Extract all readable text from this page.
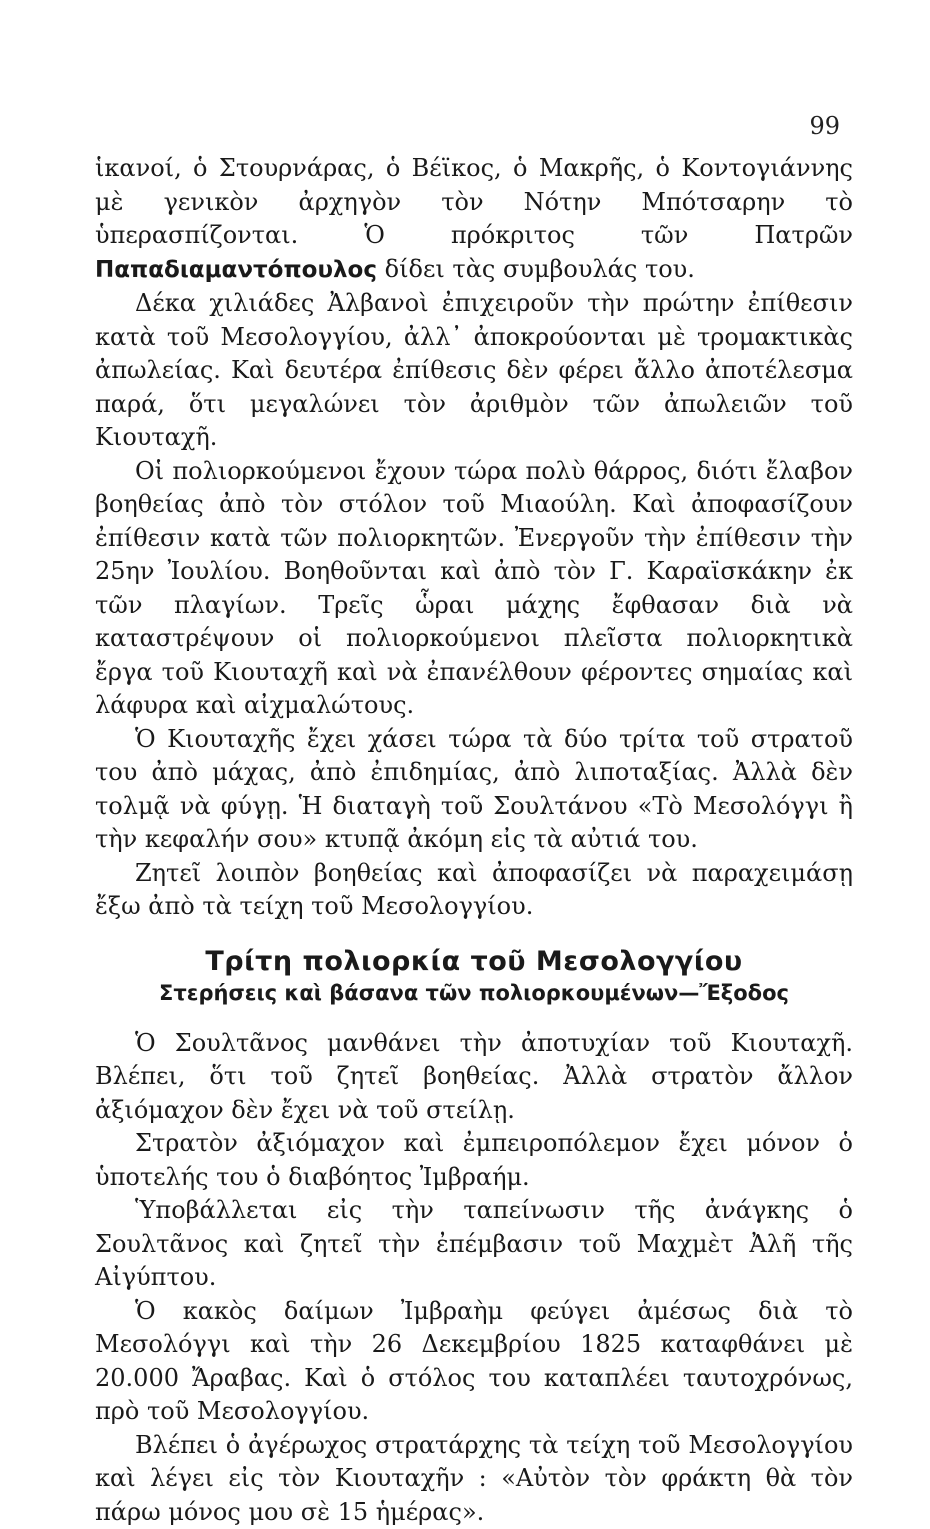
99

ἱκανοί, ὁ Στουρνάρας, ὁ Βέϊκος, ὁ Μακρῆς, ὁ Κοντογιάννης μὲ γενικὸν ἀρχηγὸν τὸν Νότην Μπότσαρην τὸ ὑπερασπίζονται. Ὁ πρόκριτος τῶν Πατρῶν Παπαδιαμαντόπουλος δίδει τὰς συμβουλάς του.

Δέκα χιλιάδες Ἀλβανοὶ ἐπιχειροῦν τὴν πρώτην ἐπίθεσιν κατὰ τοῦ Μεσολογγίου, ἀλλ᾽ ἀποκρούονται μὲ τρομακτικὰς ἀπωλείας. Καὶ δευτέρα ἐπίθεσις δὲν φέρει ἄλλο ἀποτέλεσμα παρά, ὅτι μεγαλώνει τὸν ἀριθμὸν τῶν ἀπωλειῶν τοῦ Κιουταχῆ.

Οἱ πολιορκούμενοι ἔχουν τώρα πολὺ θάρρος, διότι ἔλαβον βοηθείας ἀπὸ τὸν στόλον τοῦ Μιαούλη. Καὶ ἀποφασίζουν ἐπίθεσιν κατὰ τῶν πολιορκητῶν. Ἐνεργοῦν τὴν ἐπίθεσιν τὴν 25ην Ἰουλίου. Βοηθοῦνται καὶ ἀπὸ τὸν Γ. Καραϊσκάκην ἐκ τῶν πλαγίων. Τρεῖς ὧραι μάχης ἔφθασαν διὰ νὰ καταστρέψουν οἱ πολιορκούμενοι πλεῖστα πολιορκητικὰ ἔργα τοῦ Κιουταχῆ καὶ νὰ ἐπανέλθουν φέροντες σημαίας καὶ λάφυρα καὶ αἰχμαλώτους.

Ὁ Κιουταχῆς ἔχει χάσει τώρα τὰ δύο τρίτα τοῦ στρατοῦ του ἀπὸ μάχας, ἀπὸ ἐπιδημίας, ἀπὸ λιποταξίας. Ἀλλὰ δὲν τολμᾷ νὰ φύγῃ. Ἡ διαταγὴ τοῦ Σουλτάνου «Τὸ Μεσολόγγι ἢ τὴν κεφαλήν σου» κτυπᾷ ἀκόμη εἰς τὰ αὐτιά του.

Ζητεῖ λοιπὸν βοηθείας καὶ ἀποφασίζει νὰ παραχειμάσῃ ἔξω ἀπὸ τὰ τείχη τοῦ Μεσολογγίου.

Τρίτη πολιορκία τοῦ Μεσολογγίου
Στερήσεις καὶ βάσανα τῶν πολιορκουμένων—Ἔξοδος

Ὁ Σουλτᾶνος μανθάνει τὴν ἀποτυχίαν τοῦ Κιουταχῆ. Βλέπει, ὅτι τοῦ ζητεῖ βοηθείας. Ἀλλὰ στρατὸν ἄλλον ἀξιόμαχον δὲν ἔχει νὰ τοῦ στείλῃ.

Στρατὸν ἀξιόμαχον καὶ ἐμπειροπόλεμον ἔχει μόνον ὁ ὑποτελής του ὁ διαβόητος Ἰμβραήμ.

Ὑποβάλλεται εἰς τὴν ταπείνωσιν τῆς ἀνάγκης ὁ Σουλτᾶνος καὶ ζητεῖ τὴν ἐπέμβασιν τοῦ Μαχμὲτ Ἀλῆ τῆς Αἰγύπτου.

Ὁ κακὸς δαίμων Ἰμβραὴμ φεύγει ἀμέσως διὰ τὸ Μεσολόγγι καὶ τὴν 26 Δεκεμβρίου 1825 καταφθάνει μὲ 20.000 Ἄραβας. Καὶ ὁ στόλος του καταπλέει ταυτοχρόνως, πρὸ τοῦ Μεσολογγίου.

Βλέπει ὁ ἀγέρωχος στρατάρχης τὰ τείχη τοῦ Μεσολογγίου καὶ λέγει εἰς τὸν Κιουταχῆν : «Αὐτὸν τὸν φράκτη θὰ τὸν πάρω μόνος μου σὲ 15 ἡμέρας».
